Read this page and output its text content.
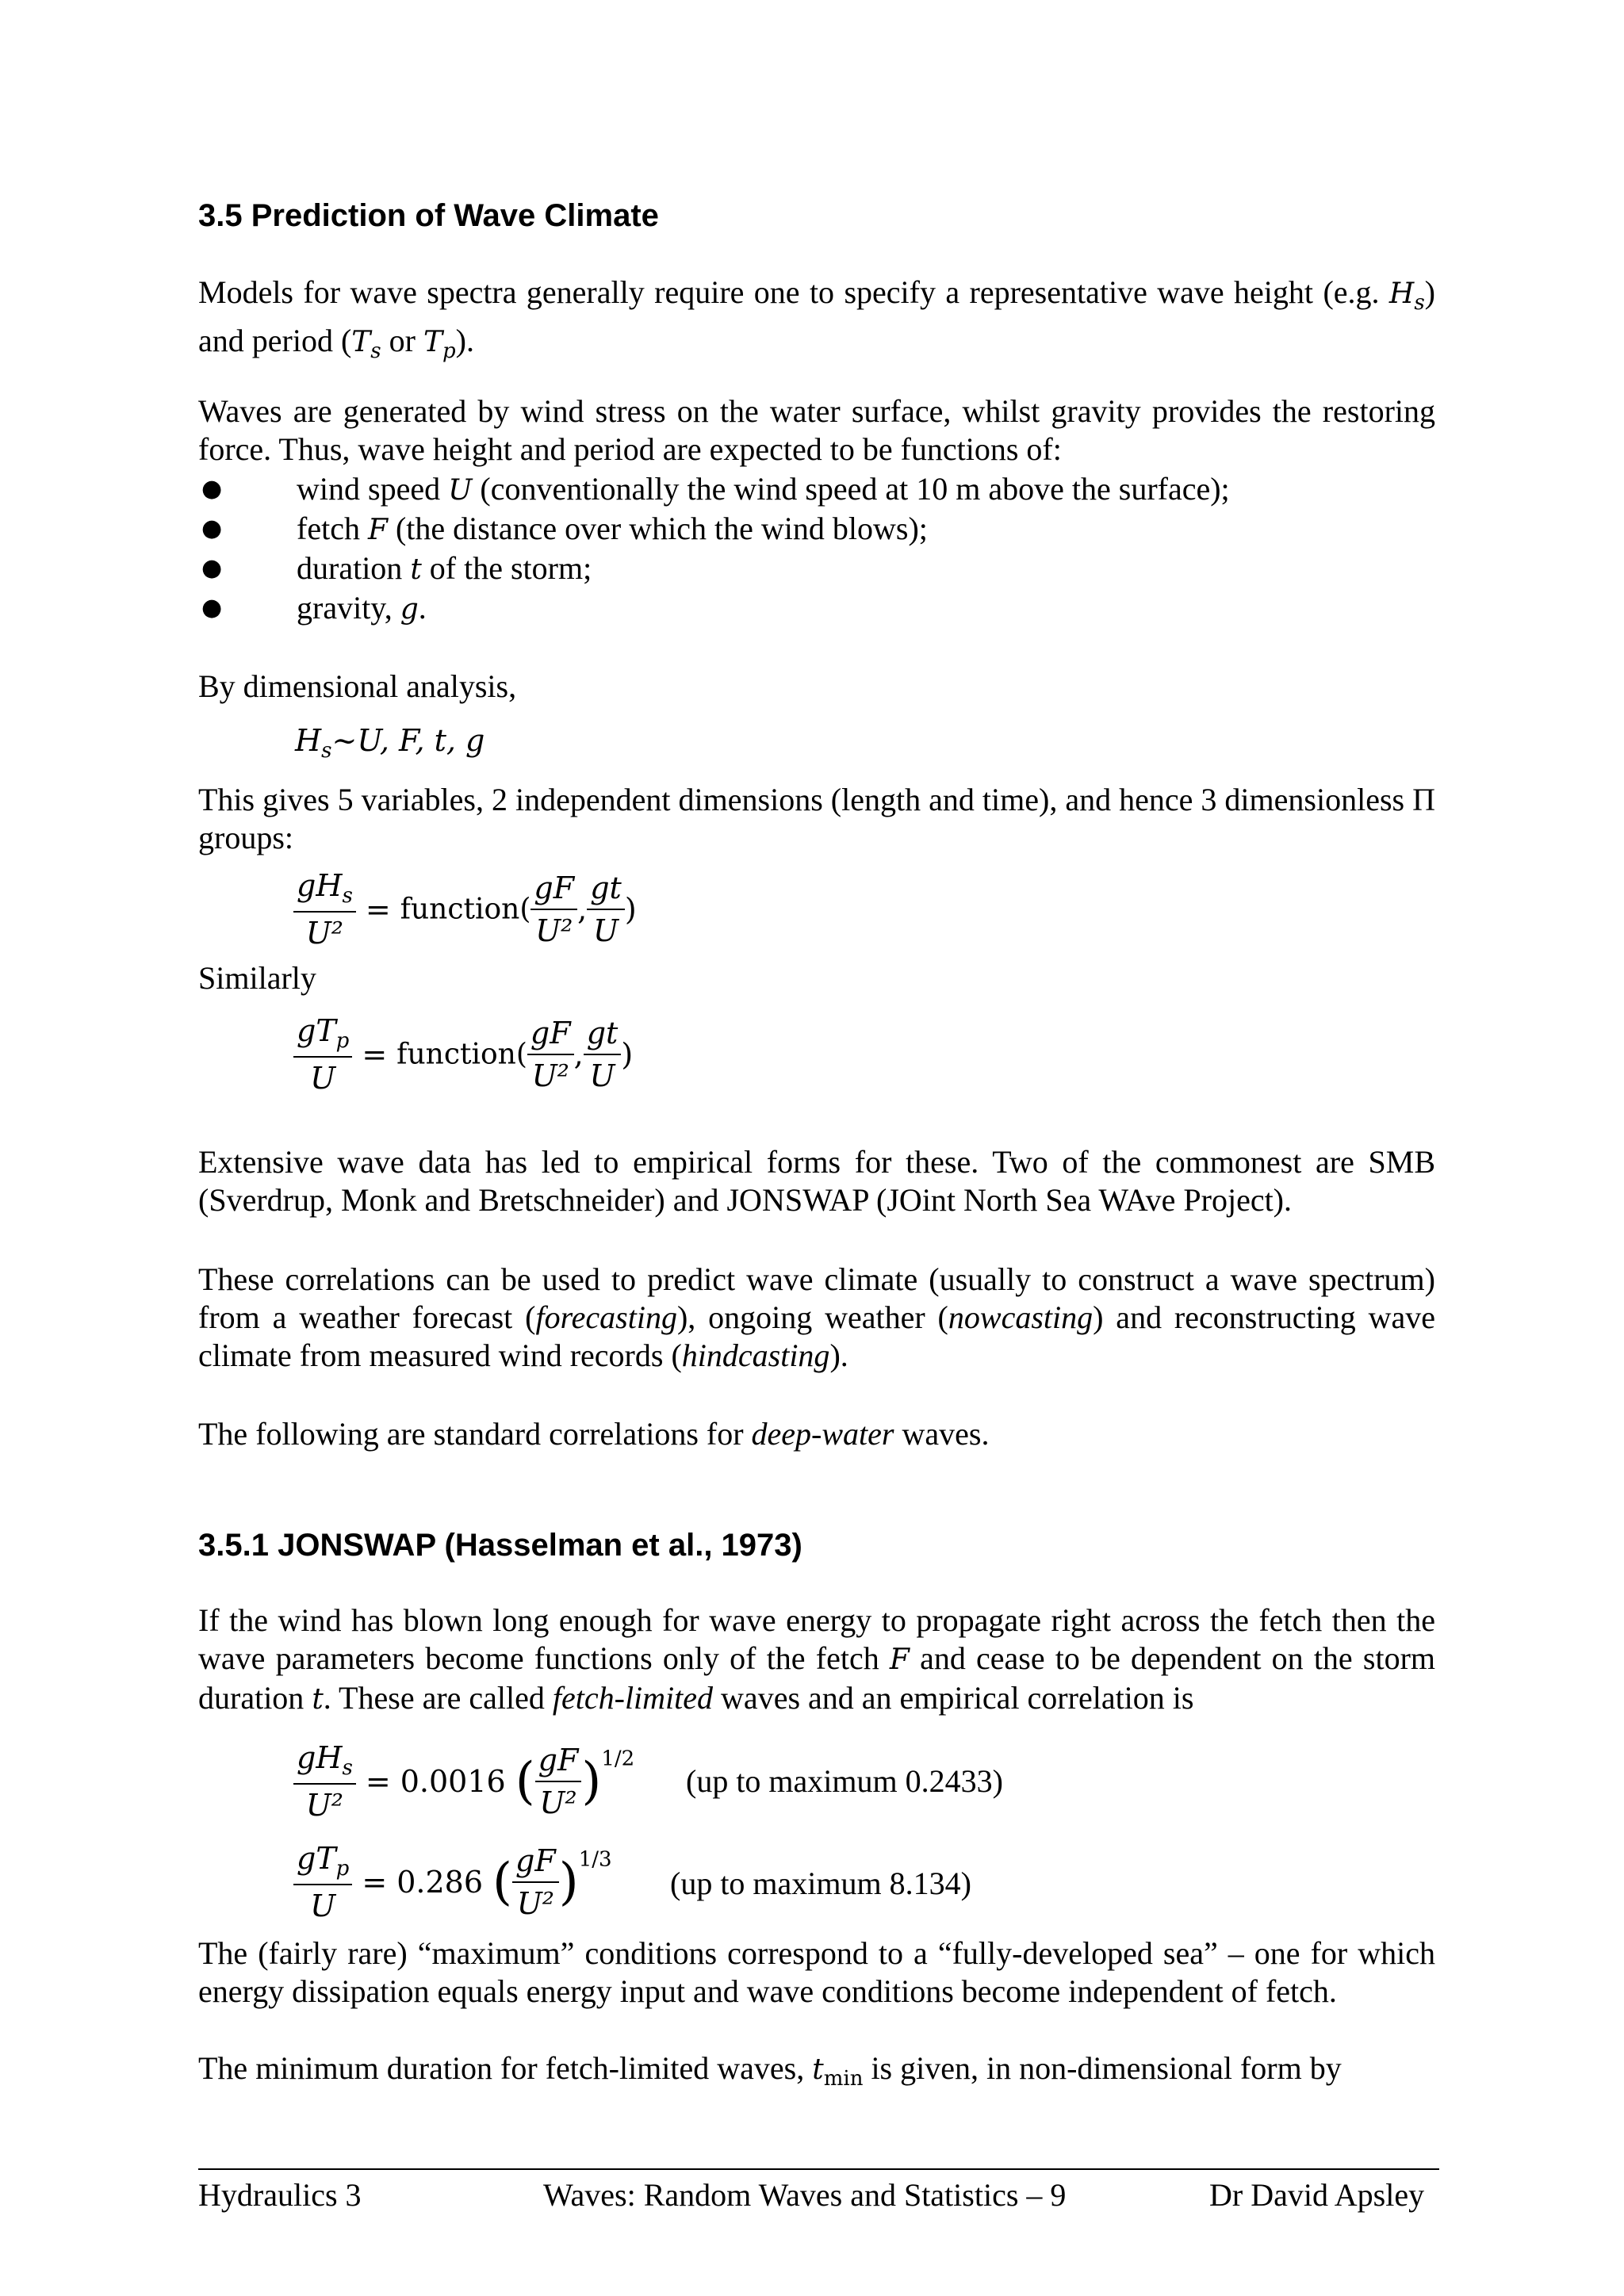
3.5 Prediction of Wave Climate
Models for wave spectra generally require one to specify a representative wave height (e.g. $H_s$) and period ($T_s$ or $T_p$).
Waves are generated by wind stress on the water surface, whilst gravity provides the restoring force. Thus, wave height and period are expected to be functions of:
● wind speed U (conventionally the wind speed at 10 m above the surface);
● fetch F (the distance over which the wind blows);
● duration t of the storm;
● gravity, g.
By dimensional analysis,
$H_s\sim U$, F, t, g
This gives 5 variables, 2 independent dimensions (length and time), and hence 3 dimensionless Π groups:
$\frac{gH_s}{\text{U²}}$ = function( $\frac{gF}{\text{U²}}$ , $\frac{gt}{U}$ )
Similarly
$\frac{gT_p}{U}$ = function( $\frac{gF}{\text{U²}}$ , $\frac{gt}{U}$ )
Extensive wave data has led to empirical forms for these. Two of the commonest are SMB (Sverdrup, Monk and Bretschneider) and JONSWAP (JOint North Sea WAve Project).
These correlations can be used to predict wave climate (usually to construct a wave spectrum) from a weather forecast (forecasting), ongoing weather (nowcasting) and reconstructing wave climate from measured wind records (hindcasting).
The following are standard correlations for deep-water waves.
3.5.1 JONSWAP (Hasselman et al., 1973)
If the wind has blown long enough for wave energy to propagate right across the fetch then the wave parameters become functions only of the fetch F and cease to be dependent on the storm duration t. These are called fetch-limited waves and an empirical correlation is
$\frac{gH_s}{\text{U²}} = 0.0016$ ( $\frac{gF}{\text{U²}} )^{1/2}$
(up to maximum 0.2433)
$\frac{gT_p}{U} = 0.286$ ( $\frac{gF}{\text{U²}} )^{1/3}$
(up to maximum 8.134)
The (fairly rare) “maximum” conditions correspond to a “fully-developed sea” – one for which energy dissipation equals energy input and wave conditions become independent of fetch.
The minimum duration for fetch-limited waves, $t_{min}$ is given, in non-dimensional form by
Hydraulics 3	Waves: Random Waves and Statistics – 9	Dr David Apsley
